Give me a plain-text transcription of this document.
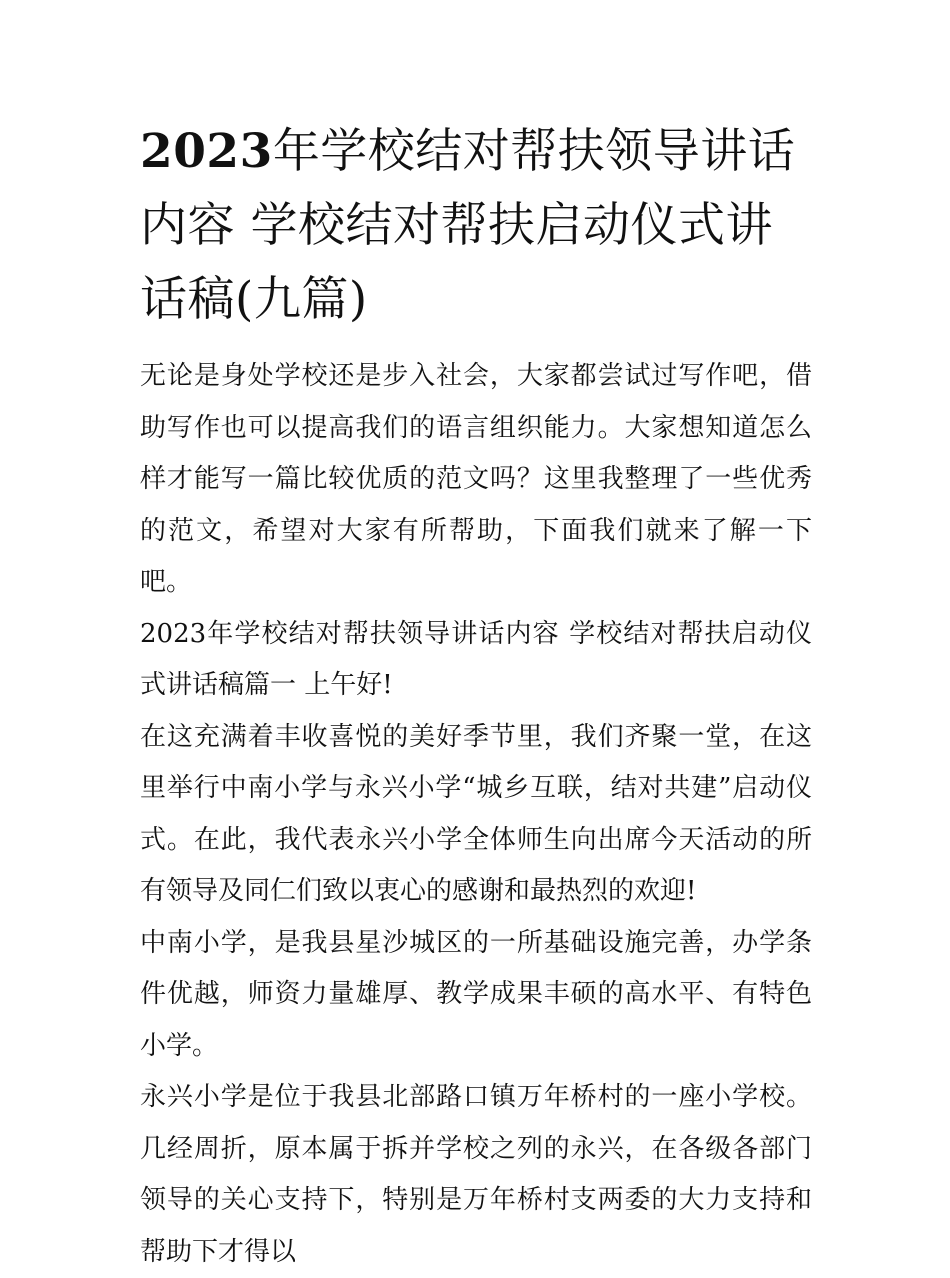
2023年学校结对帮扶领导讲话内容 学校结对帮扶启动仪式讲话稿(九篇)

无论是身处学校还是步入社会，大家都尝试过写作吧，借助写作也可以提高我们的语言组织能力。大家想知道怎么样才能写一篇比较优质的范文吗？这里我整理了一些优秀的范文，希望对大家有所帮助，下面我们就来了解一下吧。

2023年学校结对帮扶领导讲话内容 学校结对帮扶启动仪式讲话稿篇一 上午好!

在这充满着丰收喜悦的美好季节里，我们齐聚一堂，在这里举行中南小学与永兴小学“城乡互联，结对共建”启动仪式。在此，我代表永兴小学全体师生向出席今天活动的所有领导及同仁们致以衷心的感谢和最热烈的欢迎!

中南小学，是我县星沙城区的一所基础设施完善，办学条件优越，师资力量雄厚、教学成果丰硕的高水平、有特色小学。

永兴小学是位于我县北部路口镇万年桥村的一座小学校。几经周折，原本属于拆并学校之列的永兴，在各级各部门领导的关心支持下，特别是万年桥村支两委的大力支持和帮助下才得以
